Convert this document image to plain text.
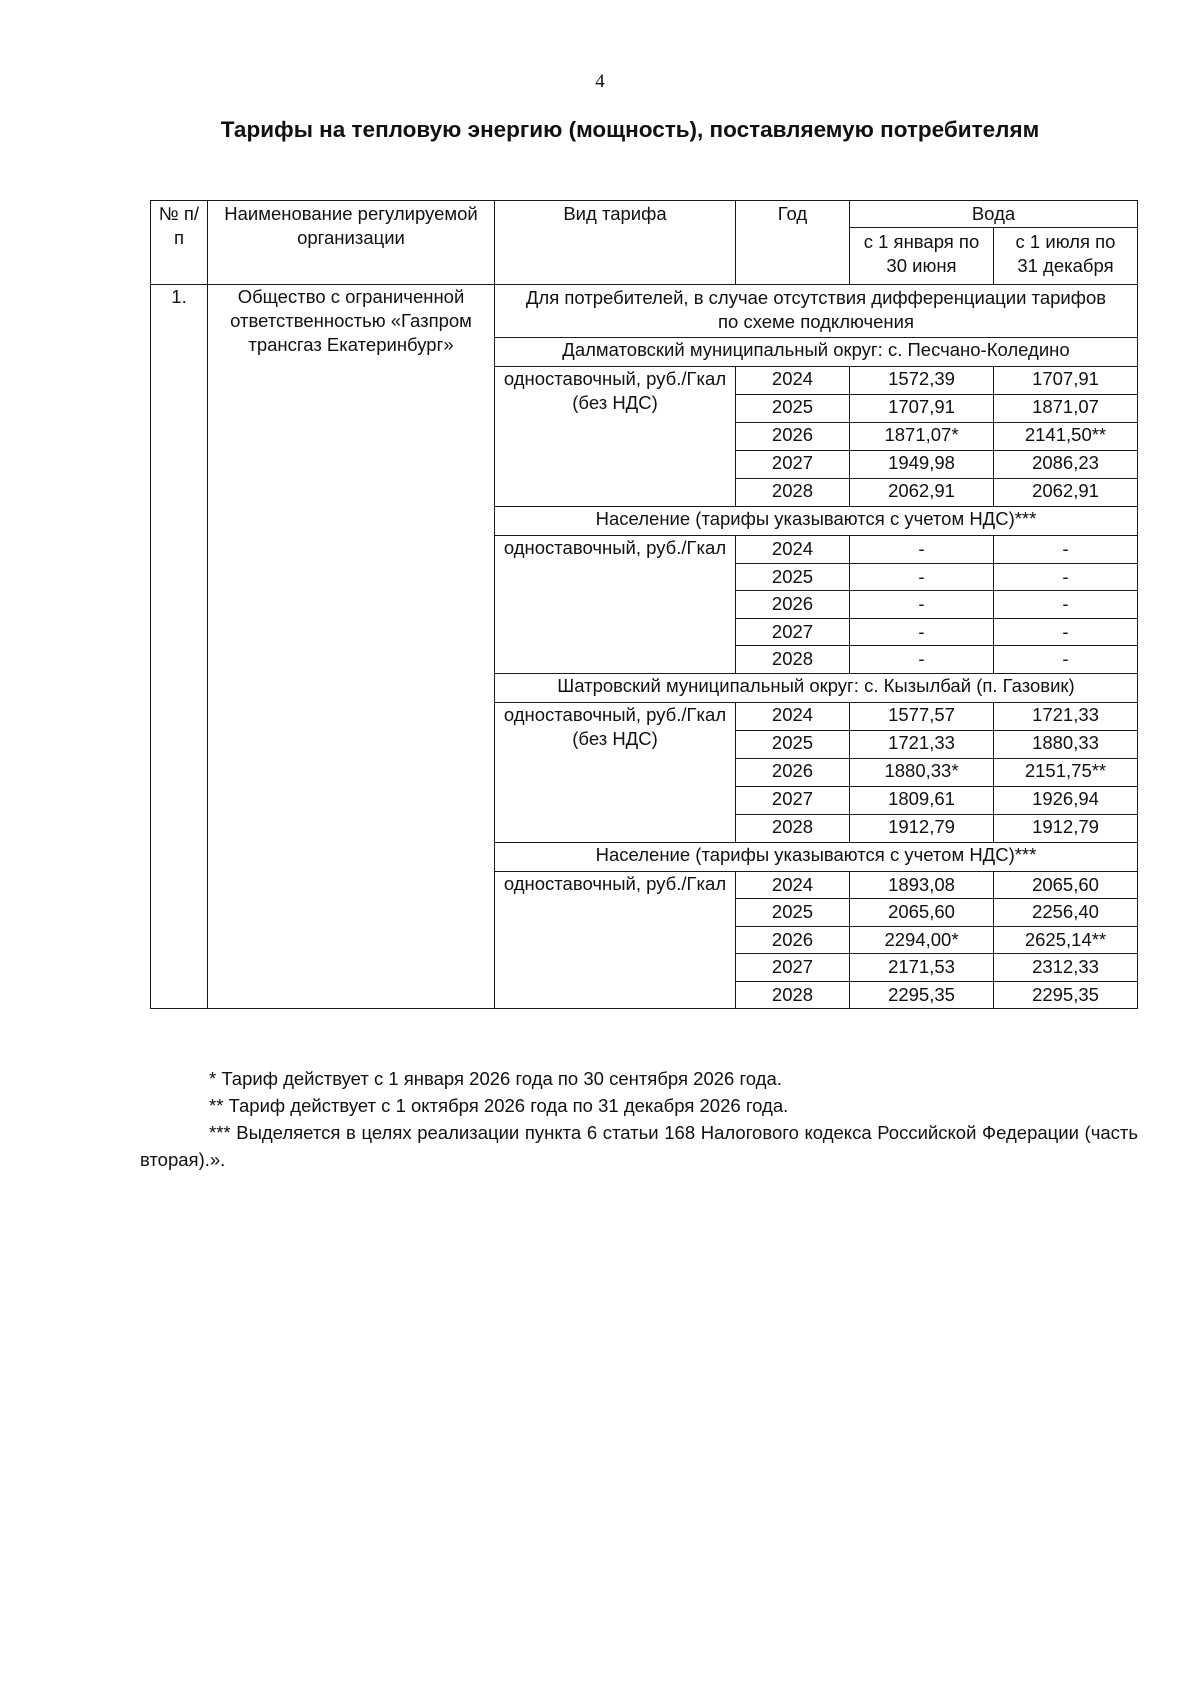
4
Тарифы на тепловую энергию (мощность), поставляемую потребителям
№ п/п	Наименование регулируемой организации	Вид тарифа	Год	Вода	
				с 1 января по 30 июня	с 1 июля по 31 декабря
1.	Общество с ограниченной ответственностью «Газпром трансгаз Екатеринбург»	Для потребителей, в случае отсутствия дифференциации тарифов по схеме подключения			
		Далматовский муниципальный округ: с. Песчано-Коледино			
		одноставочный, руб./Гкал (без НДС)	2024	1572,39	1707,91
			2025	1707,91	1871,07
			2026	1871,07*	2141,50**
			2027	1949,98	2086,23
			2028	2062,91	2062,91
		Население (тарифы указываются с учетом НДС)***			
		одноставочный, руб./Гкал	2024	-	-
			2025	-	-
			2026	-	-
			2027	-	-
			2028	-	-
		Шатровский муниципальный округ: с. Кызылбай (п. Газовик)			
		одноставочный, руб./Гкал (без НДС)	2024	1577,57	1721,33
			2025	1721,33	1880,33
			2026	1880,33*	2151,75**
			2027	1809,61	1926,94
			2028	1912,79	1912,79
		Население (тарифы указываются с учетом НДС)***			
		одноставочный, руб./Гкал	2024	1893,08	2065,60
			2025	2065,60	2256,40
			2026	2294,00*	2625,14**
			2027	2171,53	2312,33
			2028	2295,35	2295,35

* Тариф действует с 1 января 2026 года по 30 сентября 2026 года.

** Тариф действует с 1 октября 2026 года по 31 декабря 2026 года.

*** Выделяется в целях реализации пункта 6 статьи 168 Налогового кодекса Российской Федерации (часть вторая).».
